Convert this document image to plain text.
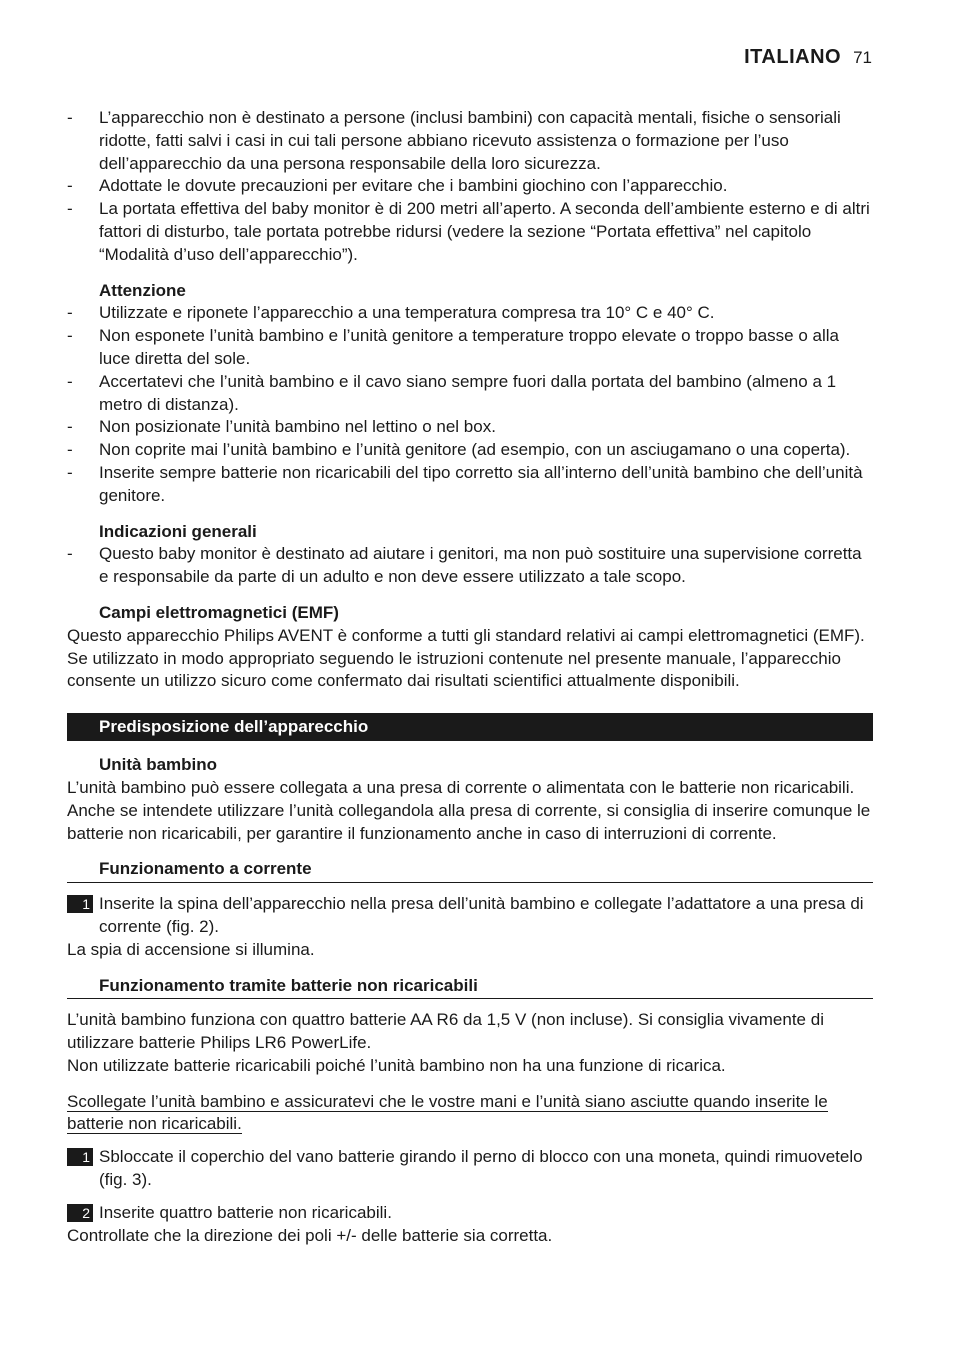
ITALIANO 71
- L’apparecchio non è destinato a persone (inclusi bambini) con capacità mentali, fisiche o sensoriali ridotte, fatti salvi i casi in cui tali persone abbiano ricevuto assistenza o formazione per l’uso dell’apparecchio da una persona responsabile della loro sicurezza.
- Adottate le dovute precauzioni per evitare che i bambini giochino con l’apparecchio.
- La portata effettiva del baby monitor è di 200 metri all’aperto. A seconda dell’ambiente esterno e di altri fattori di disturbo, tale portata potrebbe ridursi (vedere la sezione “Portata effettiva” nel capitolo “Modalità d’uso dell’apparecchio”).
Attenzione
- Utilizzate e riponete l’apparecchio a una temperatura compresa tra 10° C e 40° C.
- Non esponete l’unità bambino e l’unità genitore a temperature troppo elevate o troppo basse o alla luce diretta del sole.
- Accertatevi che l’unità bambino e il cavo siano sempre fuori dalla portata del bambino (almeno a 1 metro di distanza).
- Non posizionate l’unità bambino nel lettino o nel box.
- Non coprite mai l’unità bambino e l’unità genitore (ad esempio, con un asciugamano o una coperta).
- Inserite sempre batterie non ricaricabili del tipo corretto sia all’interno dell’unità bambino che dell’unità genitore.
Indicazioni generali
- Questo baby monitor è destinato ad aiutare i genitori, ma non può sostituire una supervisione corretta e responsabile da parte di un adulto e non deve essere utilizzato a tale scopo.
Campi elettromagnetici (EMF)

Questo apparecchio Philips AVENT è conforme a tutti gli standard relativi ai campi elettromagnetici (EMF). Se utilizzato in modo appropriato seguendo le istruzioni contenute nel presente manuale, l’apparecchio consente un utilizzo sicuro come confermato dai risultati scientifici attualmente disponibili.

Predisposizione dell’apparecchio
Unità bambino

L’unità bambino può essere collegata a una presa di corrente o alimentata con le batterie non ricaricabili. Anche se intendete utilizzare l’unità collegandola alla presa di corrente, si consiglia di inserire comunque le batterie non ricaricabili, per garantire il funzionamento anche in caso di interruzioni di corrente.

Funzionamento a corrente
1 Inserite la spina dell’apparecchio nella presa dell’unità bambino e collegate l’adattatore a una presa di corrente (fig. 2).

La spia di accensione si illumina.

Funzionamento tramite batterie non ricaricabili

L’unità bambino funziona con quattro batterie AA R6 da 1,5 V (non incluse). Si consiglia vivamente di utilizzare batterie Philips LR6 PowerLife.

Non utilizzate batterie ricaricabili poiché l’unità bambino non ha una funzione di ricarica.

Scollegate l’unità bambino e assicuratevi che le vostre mani e l’unità siano asciutte quando inserite le batterie non ricaricabili.

1 Sbloccate il coperchio del vano batterie girando il perno di blocco con una moneta, quindi rimuovetelo (fig. 3).
2 Inserite quattro batterie non ricaricabili.

Controllate che la direzione dei poli +/- delle batterie sia corretta.
